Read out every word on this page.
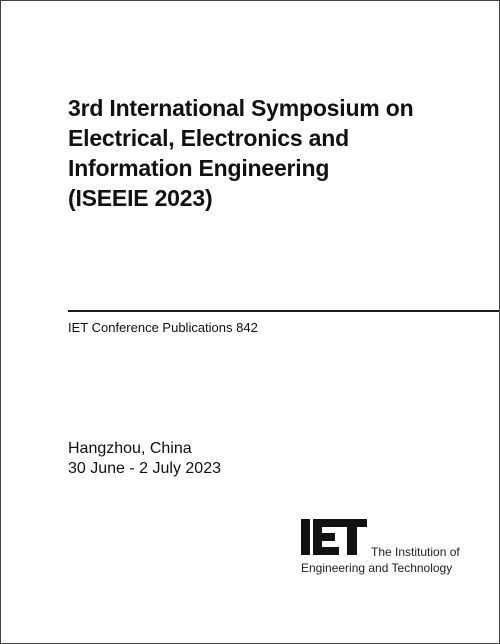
3rd International Symposium on
Electrical, Electronics and
Information Engineering
(ISEEIE 2023)
IET Conference Publications 842
Hangzhou, China
30 June - 2 July 2023
The Institution of
Engineering and Technology
